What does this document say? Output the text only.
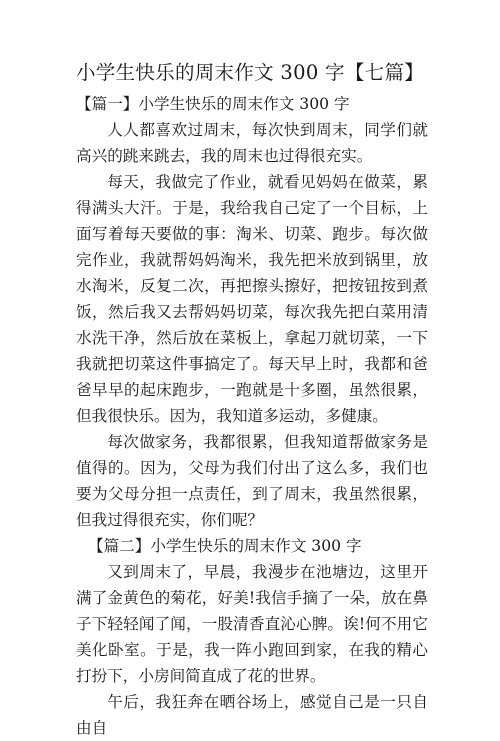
小学生快乐的周末作文 300 字【七篇】

【篇一】小学生快乐的周末作文 300 字

人人都喜欢过周末，每次快到周末，同学们就高兴的跳来跳去，我的周末也过得很充实。

每天，我做完了作业，就看见妈妈在做菜，累得满头大汗。于是，我给我自己定了一个目标，上面写着每天要做的事：淘米、切菜、跑步。每次做完作业，我就帮妈妈淘米，我先把米放到锅里，放水淘米，反复二次，再把擦头擦好，把按钮按到煮饭，然后我又去帮妈妈切菜，每次我先把白菜用清水洗干净，然后放在菜板上，拿起刀就切菜，一下我就把切菜这件事搞定了。每天早上时，我都和爸爸早早的起床跑步，一跑就是十多圈，虽然很累，但我很快乐。因为，我知道多运动，多健康。

每次做家务，我都很累，但我知道帮做家务是值得的。因为，父母为我们付出了这么多，我们也要为父母分担一点责任，到了周末，我虽然很累，但我过得很充实，你们呢？

【篇二】小学生快乐的周末作文 300 字

又到周末了，早晨，我漫步在池塘边，这里开满了金黄色的菊花，好美!我信手摘了一朵，放在鼻子下轻轻闻了闻，一股清香直沁心脾。诶!何不用它美化卧室。于是，我一阵小跑回到家，在我的精心打扮下，小房间简直成了花的世界。

午后，我狂奔在晒谷场上，感觉自己是一只自由自
